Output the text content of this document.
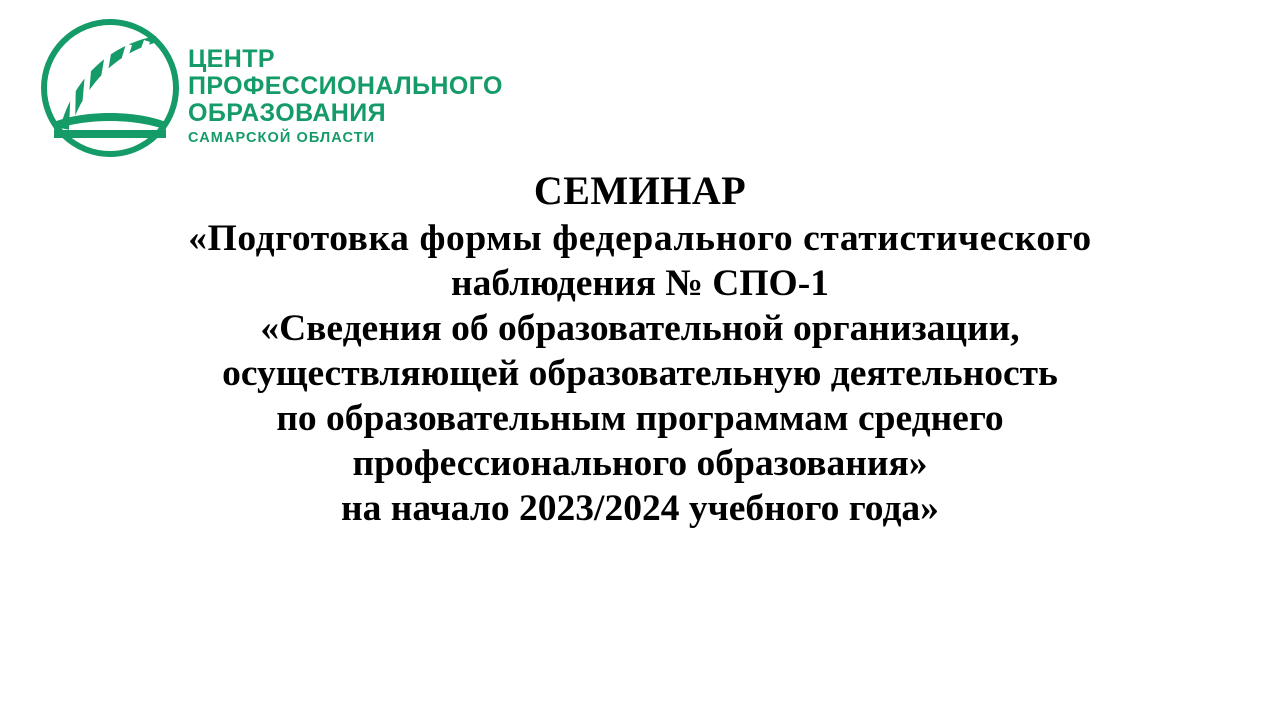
ЦЕНТР
ПРОФЕССИОНАЛЬНОГО
ОБРАЗОВАНИЯ
САМАРСКОЙ ОБЛАСТИ
СЕМИНАР
«Подготовка формы федерального статистического
наблюдения № СПО-1
«Сведения об образовательной организации,
осуществляющей образовательную деятельность
по образовательным программам среднего
профессионального образования»
на начало 2023/2024 учебного года»
